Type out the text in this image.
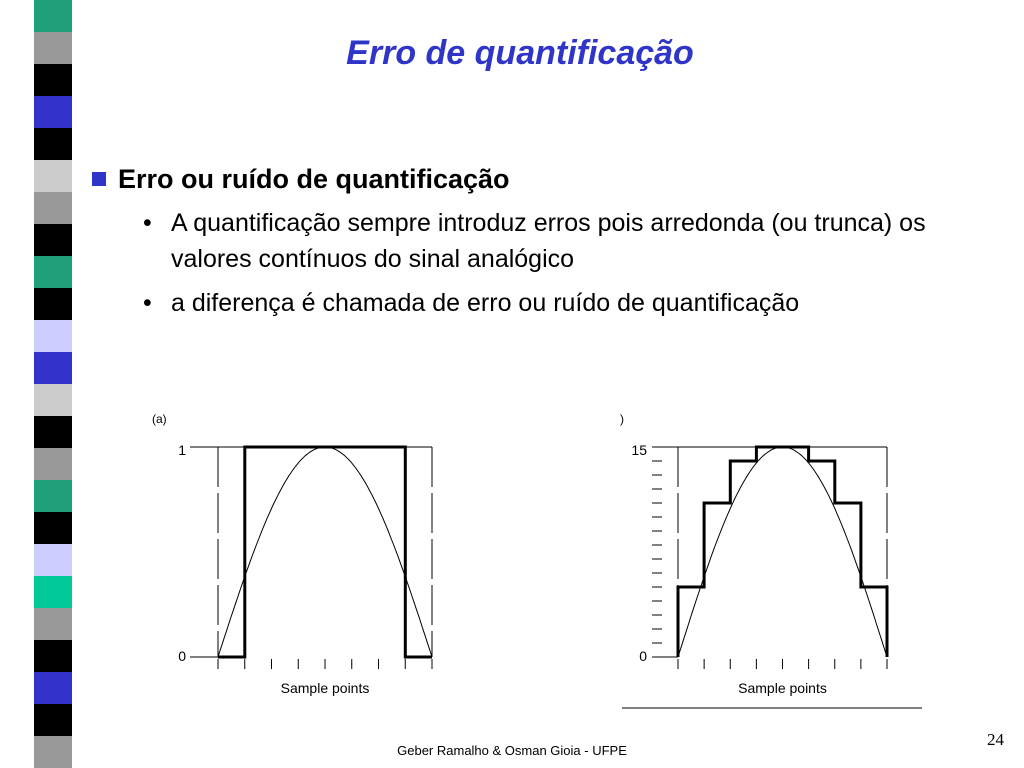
Erro de quantificação
Erro ou ruído de quantificação
• A quantificação sempre introduz erros pois arredonda (ou trunca) os valores contínuos do sinal analógico
• a diferença é chamada de erro ou ruído de quantificação
1
0
(a)
Sample points
15
0
)
Sample points
Geber Ramalho & Osman Gioia - UFPE
24
